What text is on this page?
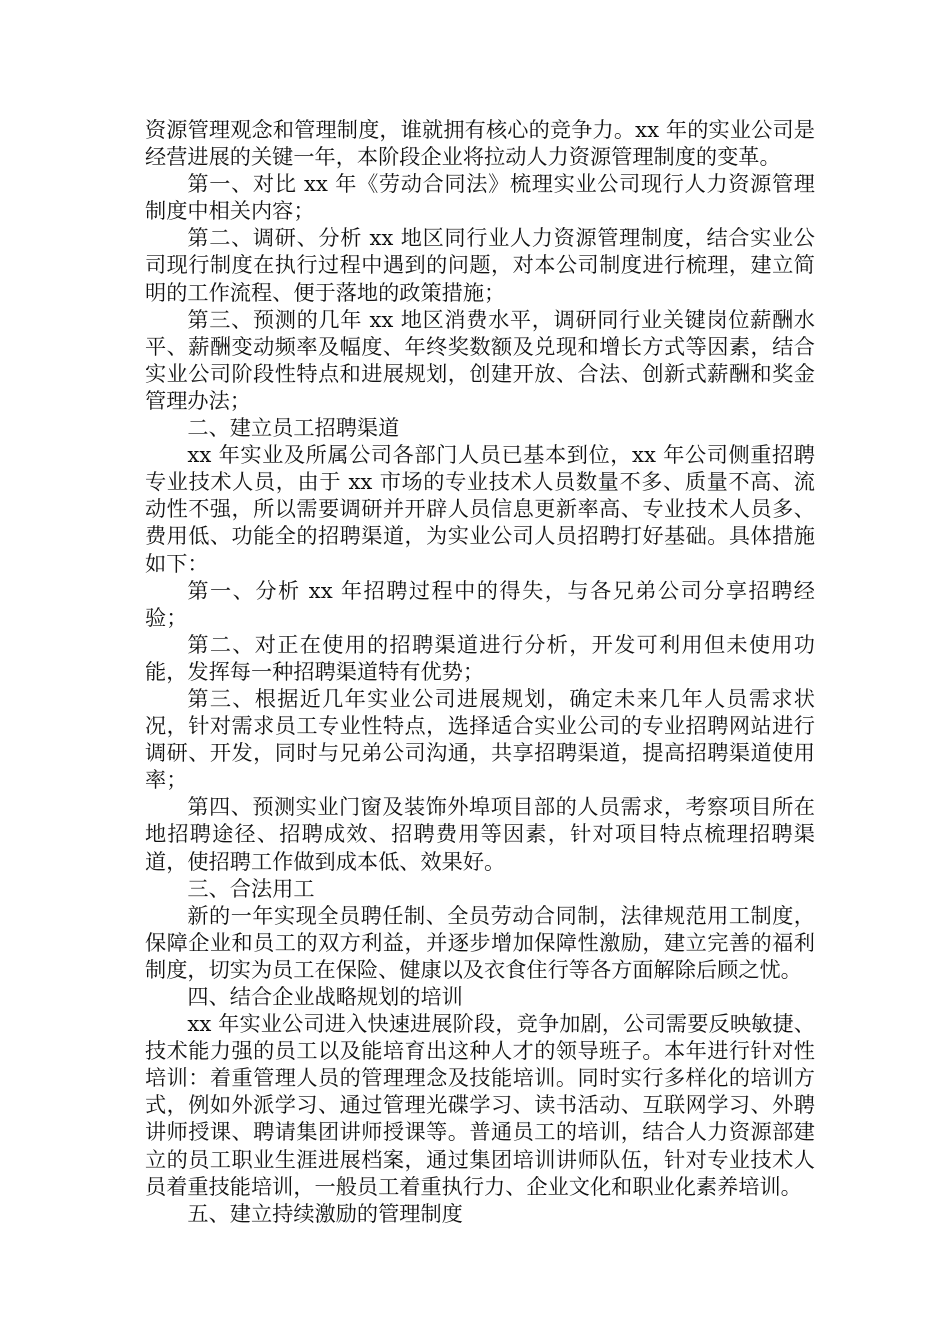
资源管理观念和管理制度，谁就拥有核心的竞争力。xx 年的实业公司是经营进展的关键一年，本阶段企业将拉动人力资源管理制度的变革。

第一、对比 xx 年《劳动合同法》梳理实业公司现行人力资源管理制度中相关内容；

第二、调研、分析 xx 地区同行业人力资源管理制度，结合实业公司现行制度在执行过程中遇到的问题，对本公司制度进行梳理，建立简明的工作流程、便于落地的政策措施；

第三、预测的几年 xx 地区消费水平，调研同行业关键岗位薪酬水平、薪酬变动频率及幅度、年终奖数额及兑现和增长方式等因素，结合实业公司阶段性特点和进展规划，创建开放、合法、创新式薪酬和奖金管理办法；

二、建立员工招聘渠道

xx 年实业及所属公司各部门人员已基本到位，xx 年公司侧重招聘专业技术人员，由于 xx 市场的专业技术人员数量不多、质量不高、流动性不强，所以需要调研并开辟人员信息更新率高、专业技术人员多、费用低、功能全的招聘渠道，为实业公司人员招聘打好基础。具体措施如下：

第一、分析 xx 年招聘过程中的得失，与各兄弟公司分享招聘经验；

第二、对正在使用的招聘渠道进行分析，开发可利用但未使用功能，发挥每一种招聘渠道特有优势；

第三、根据近几年实业公司进展规划，确定未来几年人员需求状况，针对需求员工专业性特点，选择适合实业公司的专业招聘网站进行调研、开发，同时与兄弟公司沟通，共享招聘渠道，提高招聘渠道使用率；

第四、预测实业门窗及装饰外埠项目部的人员需求，考察项目所在地招聘途径、招聘成效、招聘费用等因素，针对项目特点梳理招聘渠道，使招聘工作做到成本低、效果好。

三、合法用工

新的一年实现全员聘任制、全员劳动合同制，法律规范用工制度，保障企业和员工的双方利益，并逐步增加保障性激励，建立完善的福利制度，切实为员工在保险、健康以及衣食住行等各方面解除后顾之忧。

四、结合企业战略规划的培训

xx 年实业公司进入快速进展阶段，竞争加剧，公司需要反映敏捷、技术能力强的员工以及能培育出这种人才的领导班子。本年进行针对性培训：着重管理人员的管理理念及技能培训。同时实行多样化的培训方式，例如外派学习、通过管理光碟学习、读书活动、互联网学习、外聘讲师授课、聘请集团讲师授课等。普通员工的培训，结合人力资源部建立的员工职业生涯进展档案，通过集团培训讲师队伍，针对专业技术人员着重技能培训，一般员工着重执行力、企业文化和职业化素养培训。

五、建立持续激励的管理制度
